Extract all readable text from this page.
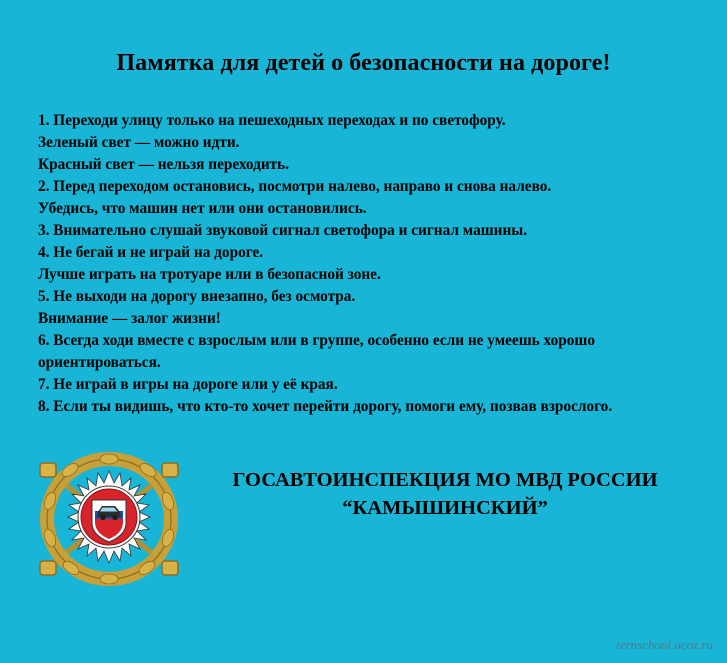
Памятка для детей о безопасности на дороге!
1. Переходи улицу только на пешеходных переходах и по светофору.
Зеленый свет — можно идти.
Красный свет — нельзя переходить.
2. Перед переходом остановись, посмотри налево, направо и снова налево.
Убедись, что машин нет или они остановились.
3. Внимательно слушай звуковой сигнал светофора и сигнал машины.
4. Не бегай и не играй на дороге.
Лучше играть на тротуаре или в безопасной зоне.
5. Не выходи на дорогу внезапно, без осмотра.
Внимание — залог жизни!
6. Всегда ходи вместе с взрослым или в группе, особенно если не умеешь хорошо ориентироваться.
7. Не играй в игры на дороге или у её края.
8. Если ты видишь, что кто-то хочет перейти дорогу, помоги ему, позвав взрослого.
ГОСАВТОИНСПЕКЦИЯ МО МВД РОССИИ
“КАМЫШИНСКИЙ”
ternschool.ucoz.ru
